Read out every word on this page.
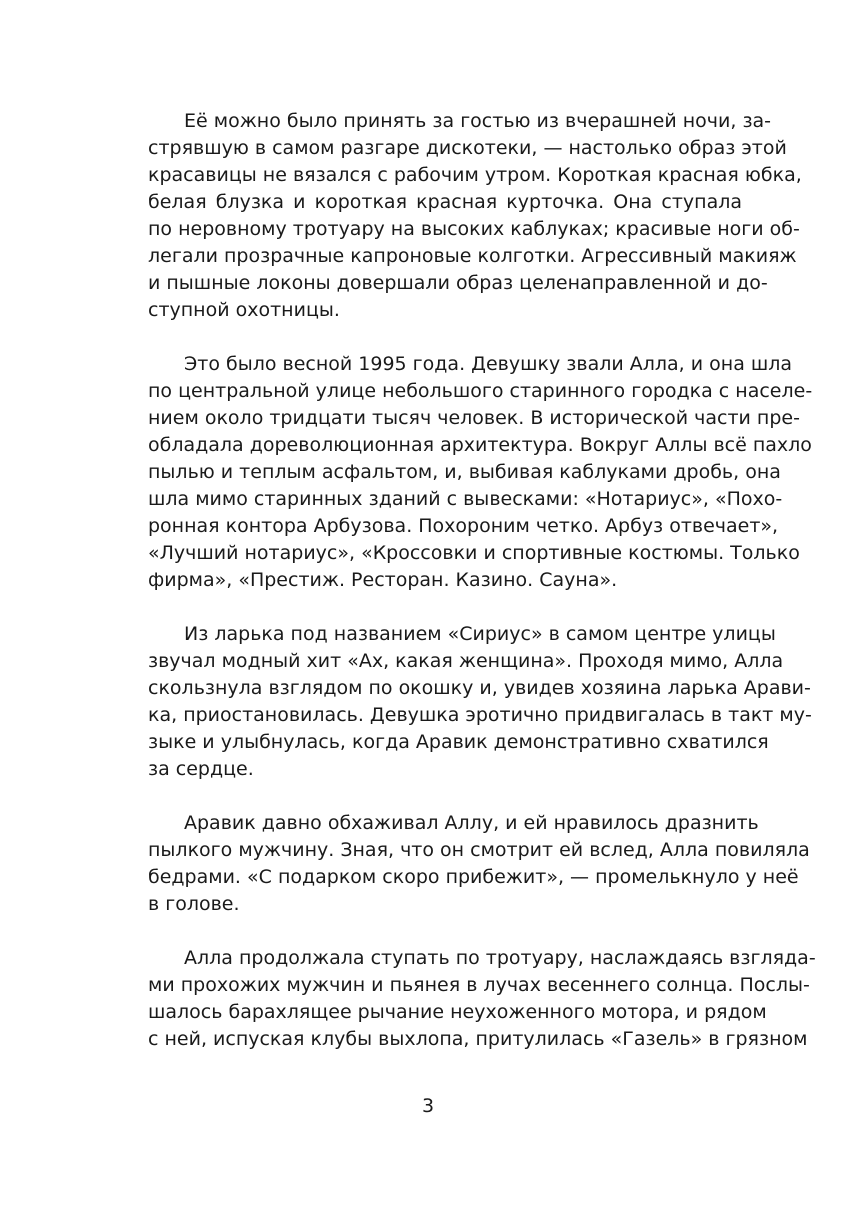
Её можно было принять за гостью из вчерашней ночи, за-
стрявшую в самом разгаре дискотеки, — настолько образ этой
красавицы не вязался с рабочим утром. Короткая красная юбка,
белая блузка и короткая красная курточка. Она ступала
по неровному тротуару на высоких каблуках; красивые ноги об-
легали прозрачные капроновые колготки. Агрессивный макияж
и пышные локоны довершали образ целенаправленной и до-
ступной охотницы.
Это было весной 1995 года. Девушку звали Алла, и она шла
по центральной улице небольшого старинного городка с населе-
нием около тридцати тысяч человек. В исторической части пре-
обладала дореволюционная архитектура. Вокруг Аллы всё пахло
пылью и теплым асфальтом, и, выбивая каблуками дробь, она
шла мимо старинных зданий с вывесками: «Нотариус», «Похо-
ронная контора Арбузова. Похороним четко. Арбуз отвечает»,
«Лучший нотариус», «Кроссовки и спортивные костюмы. Только
фирма», «Престиж. Ресторан. Казино. Сауна».
Из ларька под названием «Сириус» в самом центре улицы
звучал модный хит «Ах, какая женщина». Проходя мимо, Алла
скользнула взглядом по окошку и, увидев хозяина ларька Арави-
ка, приостановилась. Девушка эротично придвигалась в такт му-
зыке и улыбнулась, когда Аравик демонстративно схватился
за сердце.
Аравик давно обхаживал Аллу, и ей нравилось дразнить
пылкого мужчину. Зная, что он смотрит ей вслед, Алла повиляла
бедрами. «С подарком скоро прибежит», — промелькнуло у неё
в голове.
Алла продолжала ступать по тротуару, наслаждаясь взгляда-
ми прохожих мужчин и пьянея в лучах весеннего солнца. Послы-
шалось барахлящее рычание неухоженного мотора, и рядом
с ней, испуская клубы выхлопа, притулилась «Газель» в грязном
3
